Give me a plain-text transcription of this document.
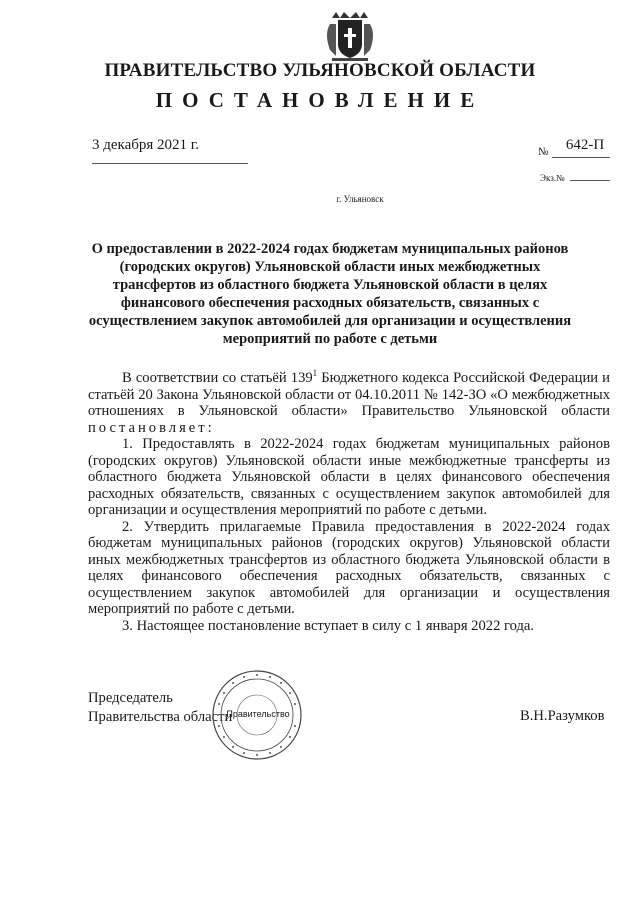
ПРАВИТЕЛЬСТВО УЛЬЯНОВСКОЙ ОБЛАСТИ
ПОСТАНОВЛЕНИЕ
3 декабря 2021 г.	№	642-П
Экз.№
г. Ульяновск
О предоставлении в 2022-2024 годах бюджетам муниципальных районов (городских округов) Ульяновской области иных межбюджетных трансфертов из областного бюджета Ульяновской области в целях финансового обеспечения расходных обязательств, связанных с осуществлением закупок автомобилей для организации и осуществления мероприятий по работе с детьми

В соответствии со статьёй $139^1$ Бюджетного кодекса Российской Федерации и статьёй 20 Закона Ульяновской области от 04.10.2011 № 142-ЗО «О межбюджетных отношениях в Ульяновской области» Правительство Ульяновской области постановляет:

1. Предоставлять в 2022-2024 годах бюджетам муниципальных районов (городских округов) Ульяновской области иные межбюджетные трансферты из областного бюджета Ульяновской области в целях финансового обеспечения расходных обязательств, связанных с осуществлением закупок автомобилей для организации и осуществления мероприятий по работе с детьми.

2. Утвердить прилагаемые Правила предоставления в 2022-2024 годах бюджетам муниципальных районов (городских округов) Ульяновской области иных межбюджетных трансфертов из областного бюджета Ульяновской области в целях финансового обеспечения расходных обязательств, связанных с осуществлением закупок автомобилей для организации и осуществления мероприятий по работе с детьми.

3. Настоящее постановление вступает в силу с 1 января 2022 года.

Председатель
Правительства области
Правительство	В.Н.Разумков
